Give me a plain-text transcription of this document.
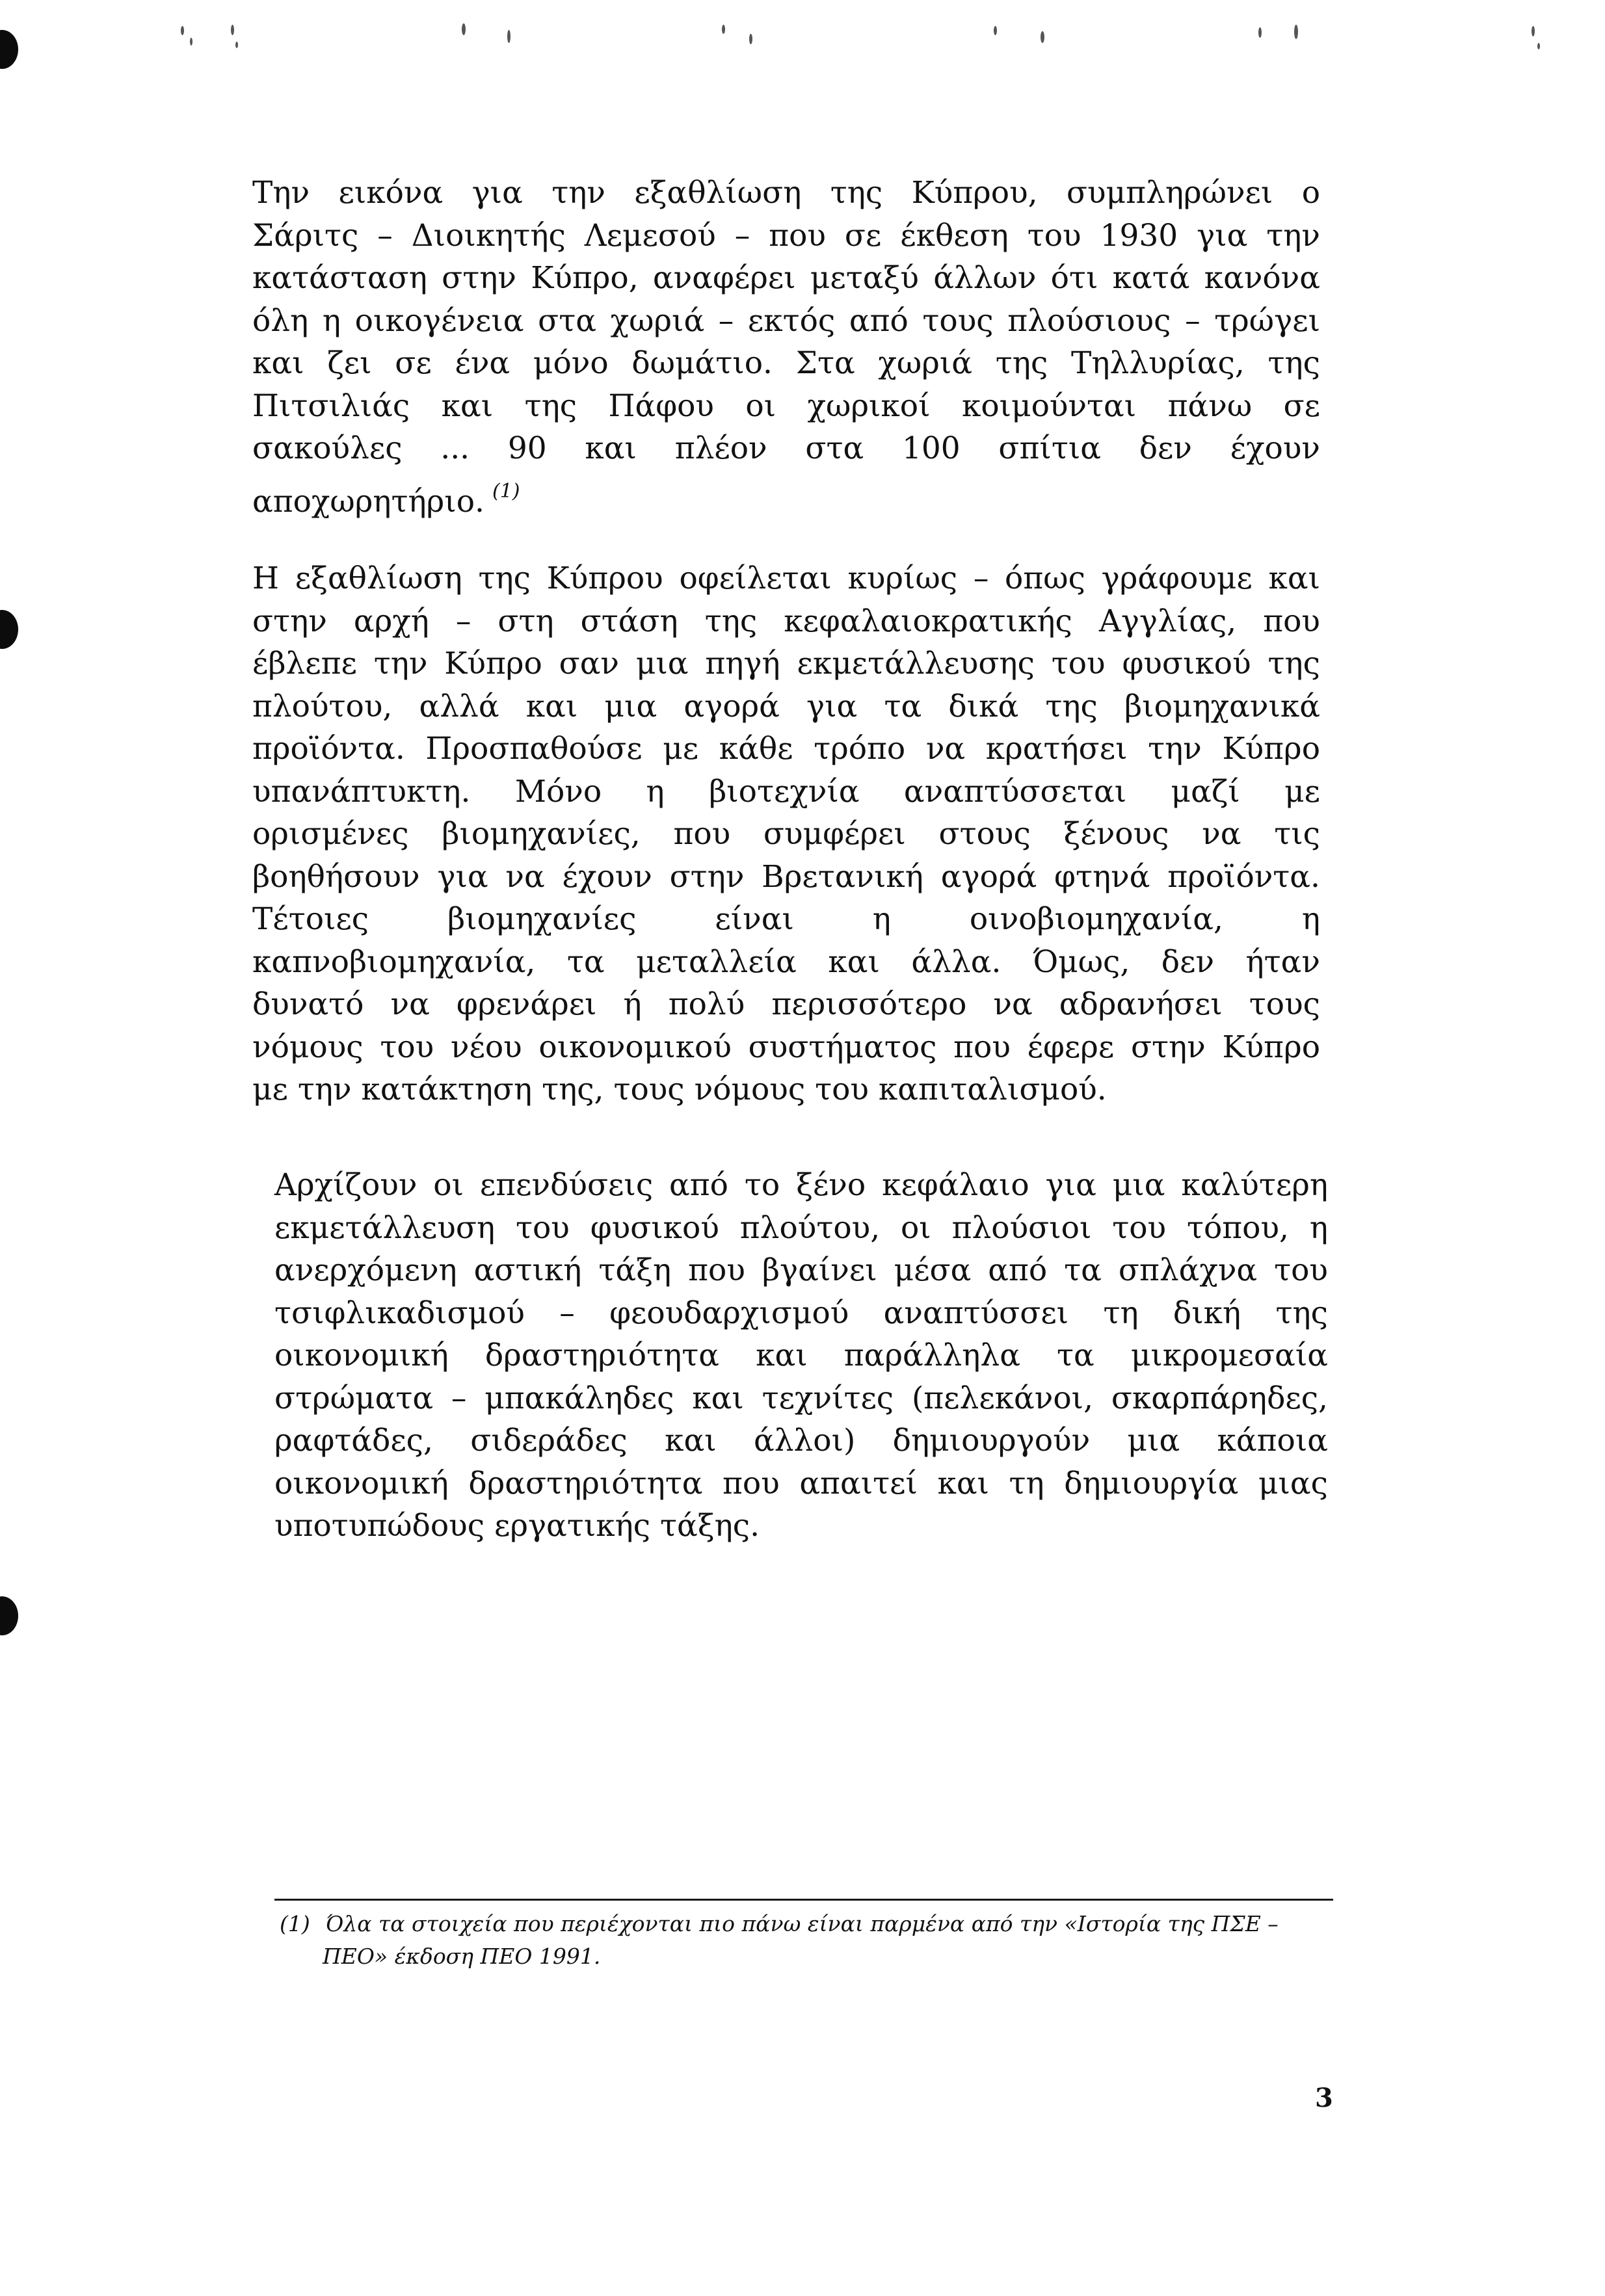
Την εικόνα για την εξαθλίωση της Κύπρου, συμπληρώνει ο
Σάριτς – Διοικητής Λεμεσού – που σε έκθεση του 1930 για την
κατάσταση στην Κύπρο, αναφέρει μεταξύ άλλων ότι κατά κανόνα
όλη η οικογένεια στα χωριά – εκτός από τους πλούσιους – τρώγει
και ζει σε ένα μόνο δωμάτιο. Στα χωριά της Τηλλυρίας, της
Πιτσιλιάς και της Πάφου οι χωρικοί κοιμούνται πάνω σε
σακούλες ... 90 και πλέον στα 100 σπίτια δεν έχουν
αποχωρητήριο. $^{(1)}$

Η εξαθλίωση της Κύπρου οφείλεται κυρίως – όπως γράφουμε και
στην αρχή – στη στάση της κεφαλαιοκρατικής Αγγλίας, που
έβλεπε την Κύπρο σαν μια πηγή εκμετάλλευσης του φυσικού της
πλούτου, αλλά και μια αγορά για τα δικά της βιομηχανικά
προϊόντα. Προσπαθούσε με κάθε τρόπο να κρατήσει την Κύπρο
υπανάπτυκτη. Μόνο η βιοτεχνία αναπτύσσεται μαζί με
ορισμένες βιομηχανίες, που συμφέρει στους ξένους να τις
βοηθήσουν για να έχουν στην Βρετανική αγορά φτηνά προϊόντα.
Τέτοιες βιομηχανίες είναι η οινοβιομηχανία, η
καπνοβιομηχανία, τα μεταλλεία και άλλα. Όμως, δεν ήταν
δυνατό να φρενάρει ή πολύ περισσότερο να αδρανήσει τους
νόμους του νέου οικονομικού συστήματος που έφερε στην Κύπρο
με την κατάκτηση της, τους νόμους του καπιταλισμού.

Αρχίζουν οι επενδύσεις από το ξένο κεφάλαιο για μια καλύτερη
εκμετάλλευση του φυσικού πλούτου, οι πλούσιοι του τόπου, η
ανερχόμενη αστική τάξη που βγαίνει μέσα από τα σπλάχνα του
τσιφλικαδισμού – φεουδαρχισμού αναπτύσσει τη δική της
οικονομική δραστηριότητα και παράλληλα τα μικρομεσαία
στρώματα – μπακάληδες και τεχνίτες (πελεκάνοι, σκαρπάρηδες,
ραφτάδες, σιδεράδες και άλλοι) δημιουργούν μια κάποια
οικονομική δραστηριότητα που απαιτεί και τη δημιουργία μιας
υποτυπώδους εργατικής τάξης.

(1) Όλα τα στοιχεία που περιέχονται πιο πάνω είναι παρμένα από την «Ιστορία της ΠΣΕ –
ΠΕΟ» έκδοση ΠΕΟ 1991.
3
